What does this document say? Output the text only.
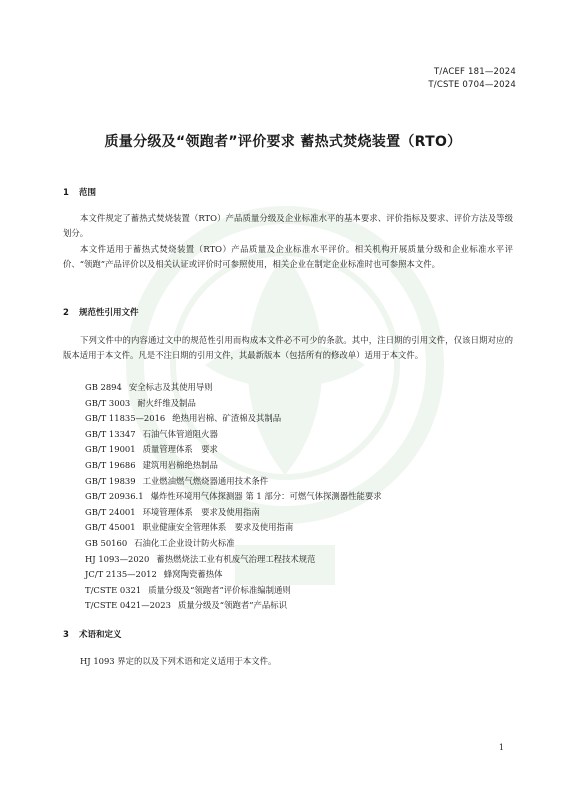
T/ACEF 181—2024
T/CSTE 0704—2024
质量分级及“领跑者”评价要求 蓄热式焚烧装置（RTO）
1 范围

本文件规定了蓄热式焚烧装置（RTO）产品质量分级及企业标准水平的基本要求、评价指标及要求、评价方法及等级划分。

本文件适用于蓄热式焚烧装置（RTO）产品质量及企业标准水平评价。相关机构开展质量分级和企业标准水平评价、“领跑”产品评价以及相关认证或评价时可参照使用，相关企业在制定企业标准时也可参照本文件。

2 规范性引用文件

下列文件中的内容通过文中的规范性引用而构成本文件必不可少的条款。其中，注日期的引用文件，仅该日期对应的版本适用于本文件。凡是不注日期的引用文件，其最新版本（包括所有的修改单）适用于本文件。

GB 2894 安全标志及其使用导则
GB/T 3003 耐火纤维及制品
GB/T 11835—2016 绝热用岩棉、矿渣棉及其制品
GB/T 13347 石油气体管道阻火器
GB/T 19001 质量管理体系　要求
GB/T 19686 建筑用岩棉绝热制品
GB/T 19839 工业燃油燃气燃烧器通用技术条件
GB/T 20936.1 爆炸性环境用气体探测器 第 1 部分：可燃气体探测器性能要求
GB/T 24001 环境管理体系　要求及使用指南
GB/T 45001 职业健康安全管理体系　要求及使用指南
GB 50160 石油化工企业设计防火标准
HJ 1093—2020 蓄热燃烧法工业有机废气治理工程技术规范
JC/T 2135—2012 蜂窝陶瓷蓄热体
T/CSTE 0321 质量分级及“领跑者”评价标准编制通则
T/CSTE 0421—2023 质量分级及“领跑者”产品标识
3 术语和定义

HJ 1093 界定的以及下列术语和定义适用于本文件。

1
